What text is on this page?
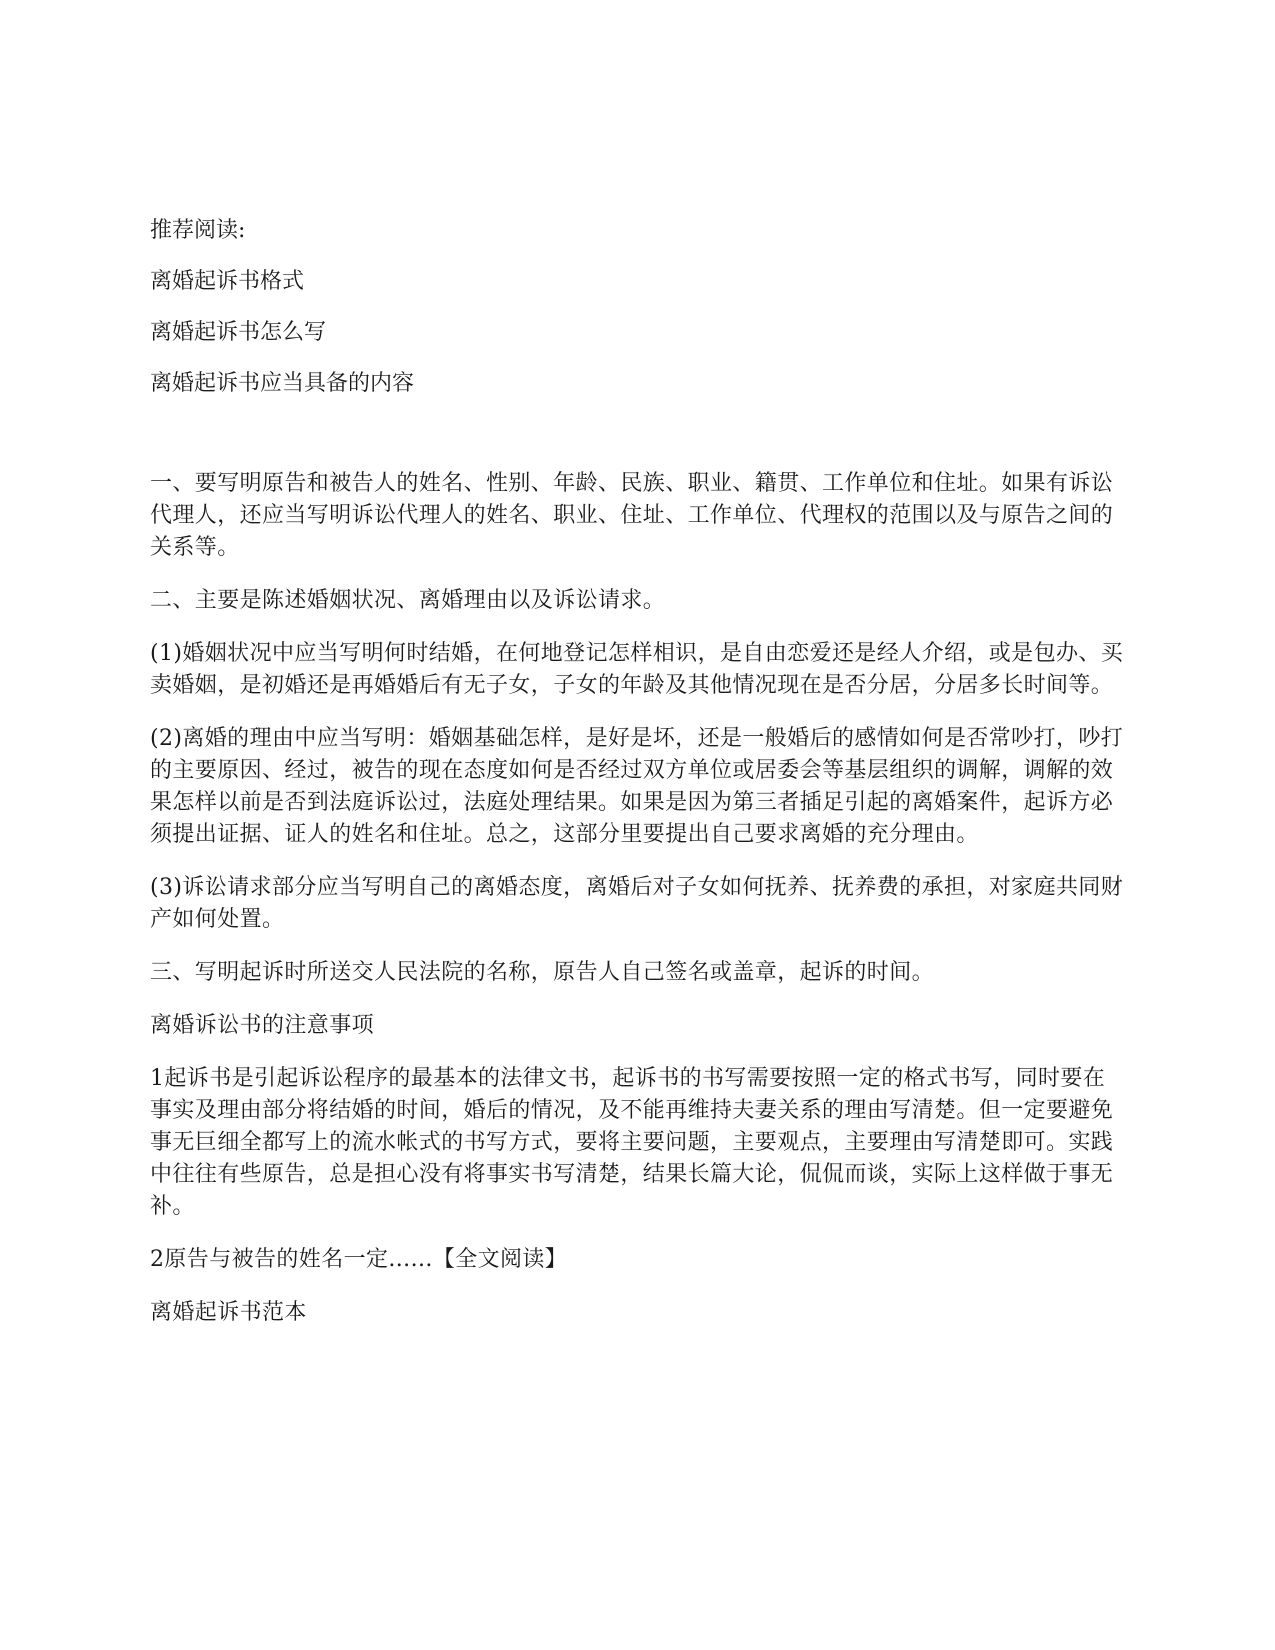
推荐阅读:
离婚起诉书格式
离婚起诉书怎么写
离婚起诉书应当具备的内容

一、要写明原告和被告人的姓名、性别、年龄、民族、职业、籍贯、工作单位和住址。如果有诉讼代理人，还应当写明诉讼代理人的姓名、职业、住址、工作单位、代理权的范围以及与原告之间的关系等。

二、主要是陈述婚姻状况、离婚理由以及诉讼请求。

(1)婚姻状况中应当写明何时结婚，在何地登记怎样相识，是自由恋爱还是经人介绍，或是包办、买卖婚姻，是初婚还是再婚婚后有无子女，子女的年龄及其他情况现在是否分居，分居多长时间等。

(2)离婚的理由中应当写明：婚姻基础怎样，是好是坏，还是一般婚后的感情如何是否常吵打，吵打的主要原因、经过，被告的现在态度如何是否经过双方单位或居委会等基层组织的调解，调解的效果怎样以前是否到法庭诉讼过，法庭处理结果。如果是因为第三者插足引起的离婚案件，起诉方必须提出证据、证人的姓名和住址。总之，这部分里要提出自己要求离婚的充分理由。

(3)诉讼请求部分应当写明自己的离婚态度，离婚后对子女如何抚养、抚养费的承担，对家庭共同财产如何处置。

三、写明起诉时所送交人民法院的名称，原告人自己签名或盖章，起诉的时间。

离婚诉讼书的注意事项

1起诉书是引起诉讼程序的最基本的法律文书，起诉书的书写需要按照一定的格式书写，同时要在事实及理由部分将结婚的时间，婚后的情况，及不能再维持夫妻关系的理由写清楚。但一定要避免事无巨细全都写上的流水帐式的书写方式，要将主要问题，主要观点，主要理由写清楚即可。实践中往往有些原告，总是担心没有将事实书写清楚，结果长篇大论，侃侃而谈，实际上这样做于事无补。

2原告与被告的姓名一定......【全文阅读】

离婚起诉书范本
